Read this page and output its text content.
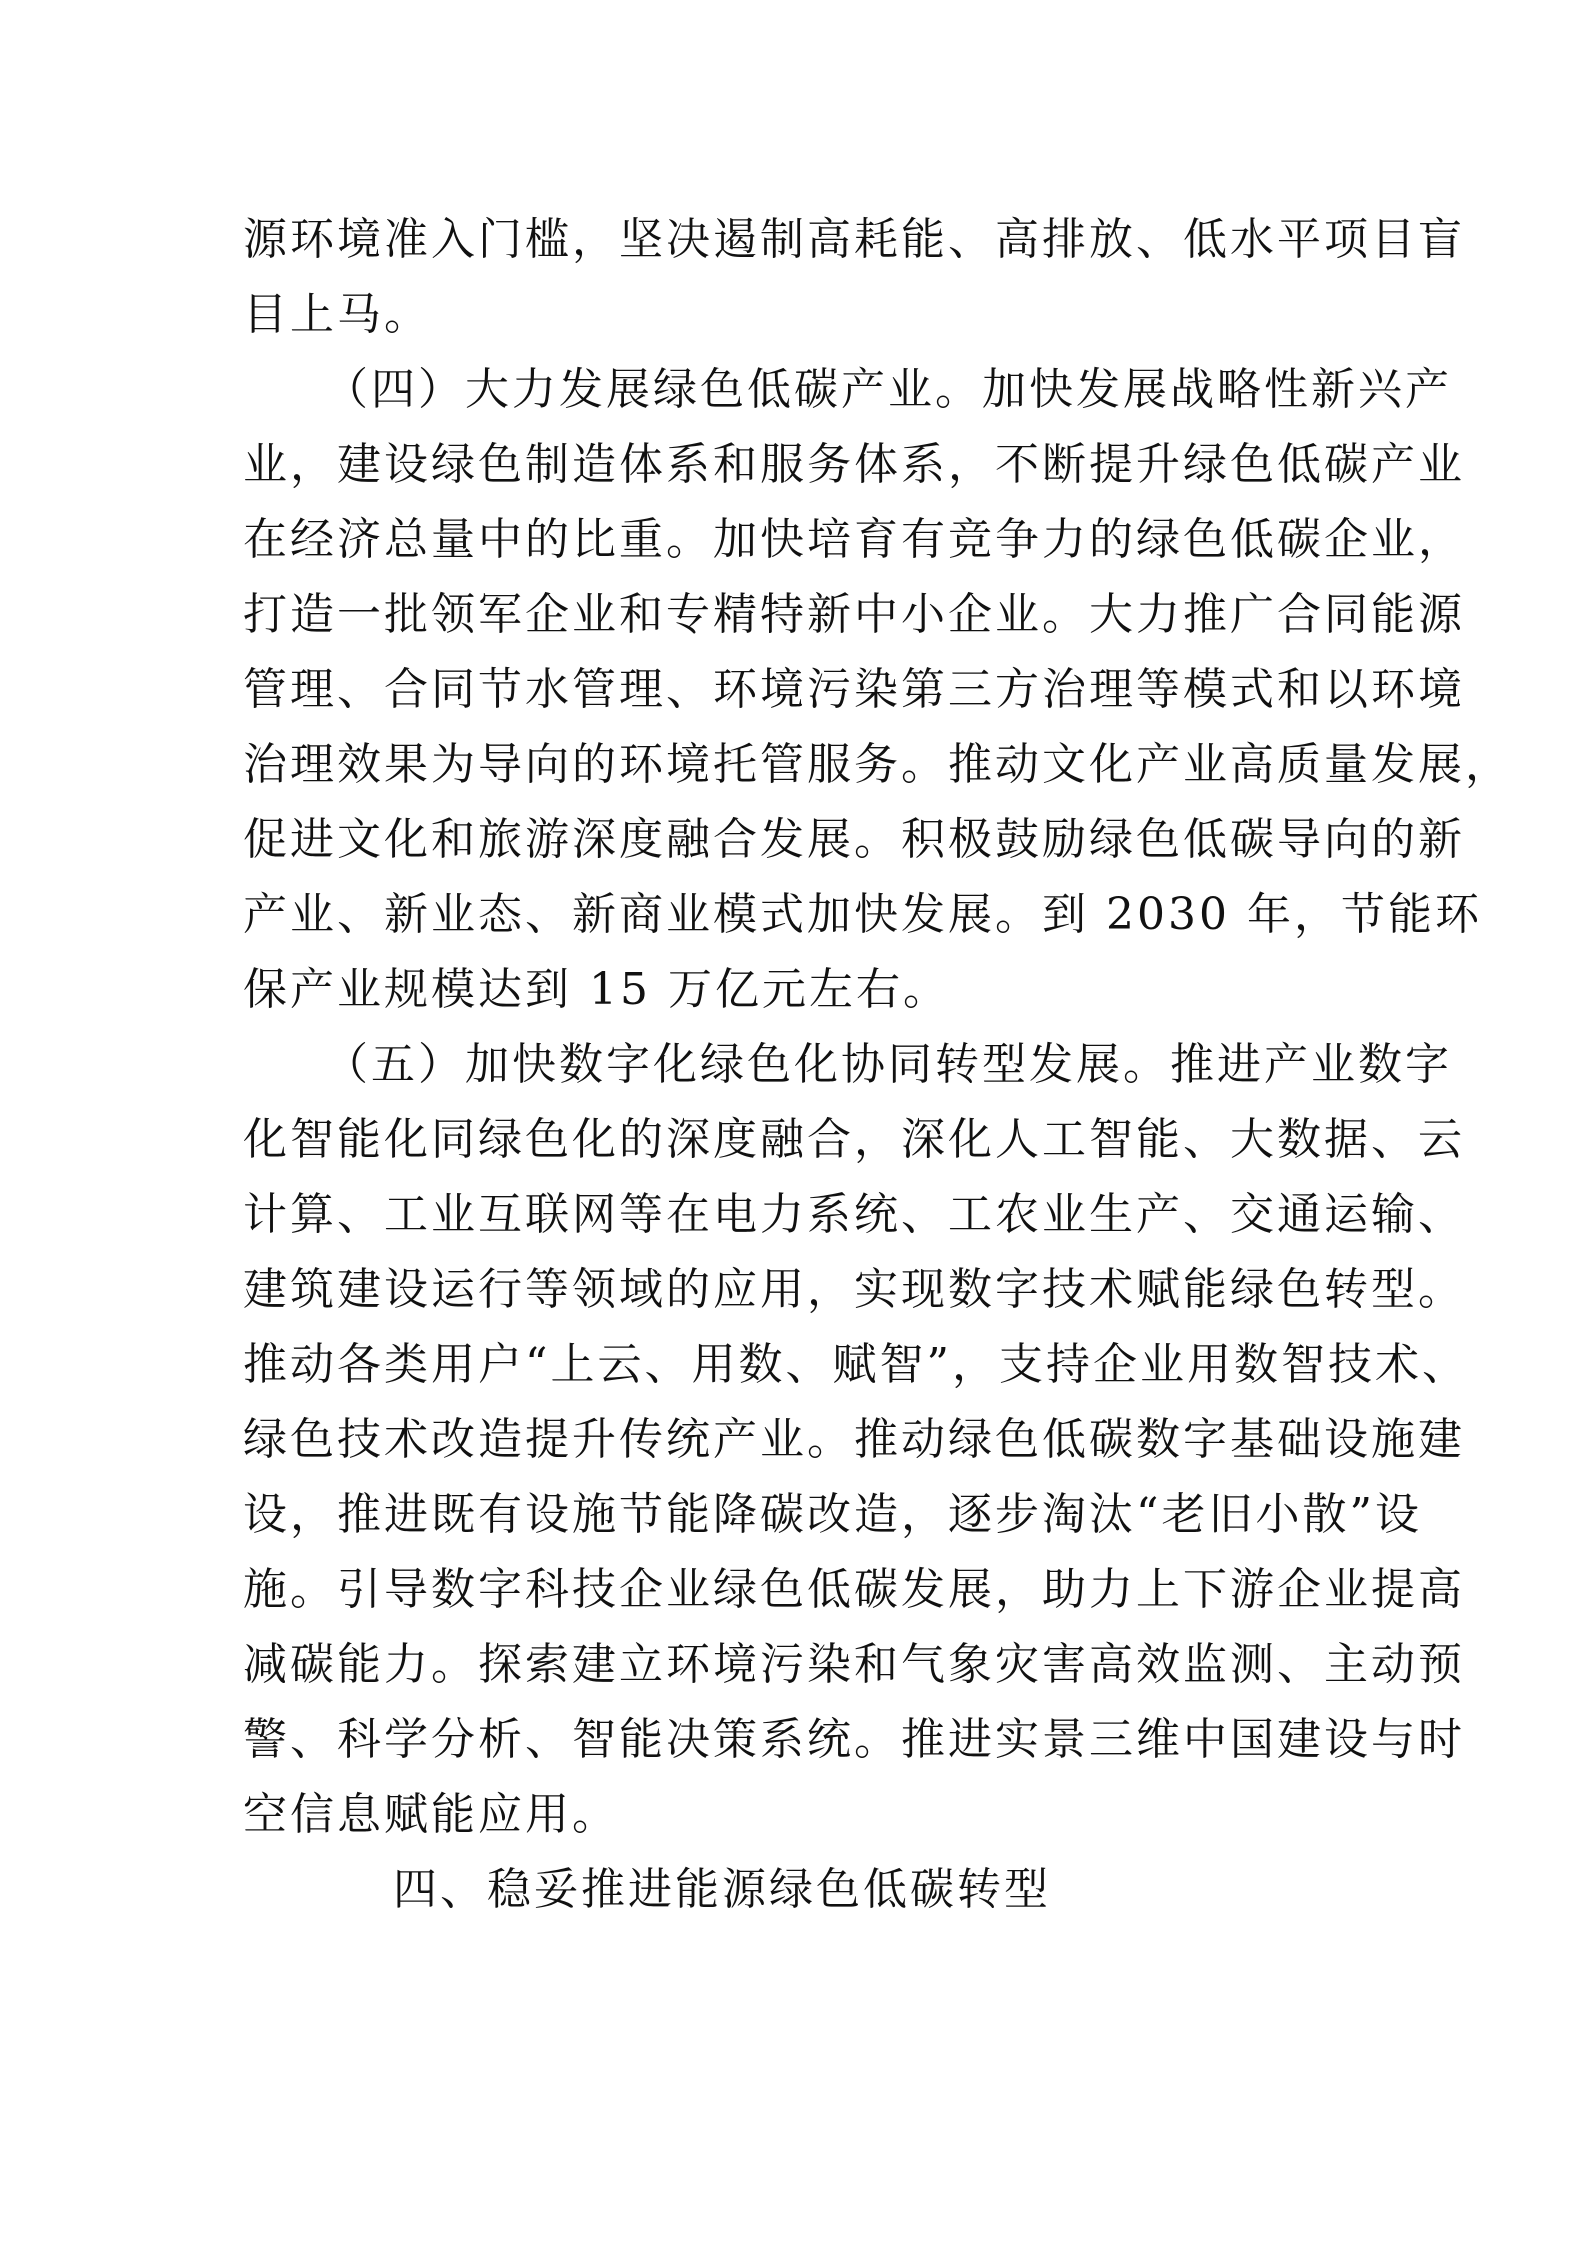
源环境准入门槛，坚决遏制高耗能、高排放、低水平项目盲

目上马。

　（四）大力发展绿色低碳产业。加快发展战略性新兴产

业，建设绿色制造体系和服务体系，不断提升绿色低碳产业

在经济总量中的比重。加快培育有竞争力的绿色低碳企业，

打造一批领军企业和专精特新中小企业。大力推广合同能源

管理、合同节水管理、环境污染第三方治理等模式和以环境

治理效果为导向的环境托管服务。推动文化产业高质量发展，

促进文化和旅游深度融合发展。积极鼓励绿色低碳导向的新

产业、新业态、新商业模式加快发展。到 2030 年，节能环

保产业规模达到 15 万亿元左右。

　（五）加快数字化绿色化协同转型发展。推进产业数字

化智能化同绿色化的深度融合，深化人工智能、大数据、云

计算、工业互联网等在电力系统、工农业生产、交通运输、

建筑建设运行等领域的应用，实现数字技术赋能绿色转型。

推动各类用户“上云、用数、赋智”，支持企业用数智技术、

绿色技术改造提升传统产业。推动绿色低碳数字基础设施建

设，推进既有设施节能降碳改造，逐步淘汰“老旧小散”设

施。引导数字科技企业绿色低碳发展，助力上下游企业提高

减碳能力。探索建立环境污染和气象灾害高效监测、主动预

警、科学分析、智能决策系统。推进实景三维中国建设与时

空信息赋能应用。

　　四、稳妥推进能源绿色低碳转型
